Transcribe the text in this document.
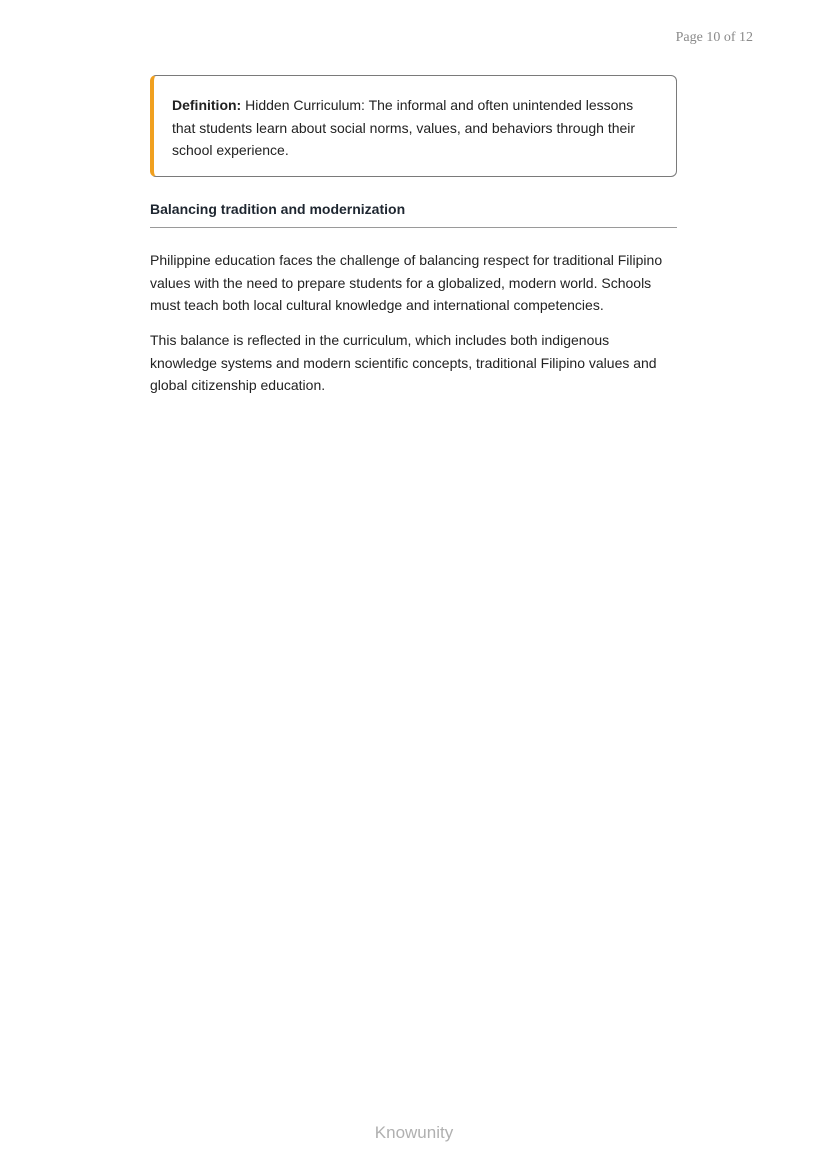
Page 10 of 12
Definition: Hidden Curriculum: The informal and often unintended lessons that students learn about social norms, values, and behaviors through their school experience.
Balancing tradition and modernization

Philippine education faces the challenge of balancing respect for traditional Filipino values with the need to prepare students for a globalized, modern world. Schools must teach both local cultural knowledge and international competencies.

This balance is reflected in the curriculum, which includes both indigenous knowledge systems and modern scientific concepts, traditional Filipino values and global citizenship education.

Knowunity
